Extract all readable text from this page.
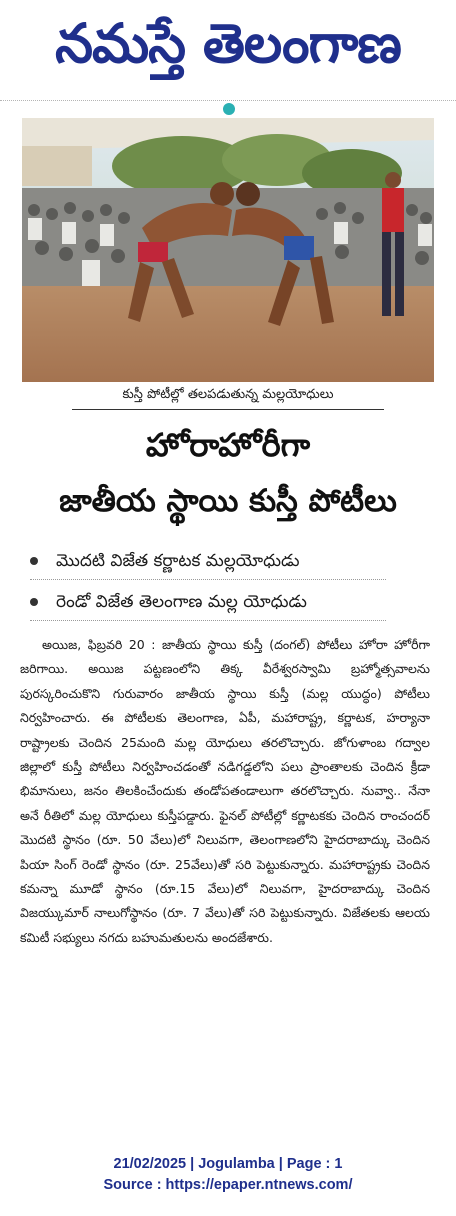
నమస్తే తెలంగాణ
కుస్తీ పోటీల్లో తలపడుతున్న మల్లయోధులు
హోరాహోరీగా
జాతీయ స్థాయి కుస్తీ పోటీలు
మొదటి విజేత కర్ణాటక మల్లయోధుడు
రెండో విజేత తెలంగాణ మల్ల యోధుడు

అయిజ, ఫిబ్రవరి 20 : జాతీయ స్థాయి కుస్తీ (దంగల్) పోటీలు హోరా హోరీగా జరిగాయి. అయిజ పట్టణంలోని తిక్క వీరేశ్వరస్వామి బ్రహ్మోత్సవాలను పురస్కరించుకొని గురువారం జాతీయ స్థాయి కుస్తీ (మల్ల యుద్ధం) పోటీలు నిర్వహించారు. ఈ పోటీలకు తెలంగాణ, ఏపీ, మహారాష్ట్ర, కర్ణాటక, హర్యానా రాష్ట్రాలకు చెందిన 25మంది మల్ల యోధులు తరలొచ్చారు. జోగుళాంబ గద్వాల జిల్లాలో కుస్తీ పోటీలు నిర్వహించడంతో నడిగడ్డలోని పలు ప్రాంతాలకు చెందిన క్రీడా భిమానులు, జనం తిలకించేందుకు తండోపతండాలుగా తరలొచ్చారు. నువ్వా.. నేనా అనే రీతిలో మల్ల యోధులు కుస్తీపడ్డారు. ఫైనల్ పోటీల్లో కర్ణాటకకు చెందిన రాంచందర్ మొదటి స్థానం (రూ. 50 వేలు)లో నిలువగా, తెలంగాణలోని హైదరాబాద్కు చెందిన పియా సింగ్ రెండో స్థానం (రూ. 25వేలు)తో సరి పెట్టుకున్నారు. మహారాష్ట్రకు చెందిన కమన్నా మూడో స్థానం (రూ.15 వేలు)లో నిలువగా, హైదరాబాద్కు చెందిన విజయ్కుమార్ నాలుగోస్థానం (రూ. 7 వేలు)తో సరి పెట్టుకున్నారు. విజేతలకు ఆలయ కమిటీ సభ్యులు నగదు బహుమతులను అందజేశారు.

21/02/2025 | Jogulamba | Page : 1
Source : https://epaper.ntnews.com/
